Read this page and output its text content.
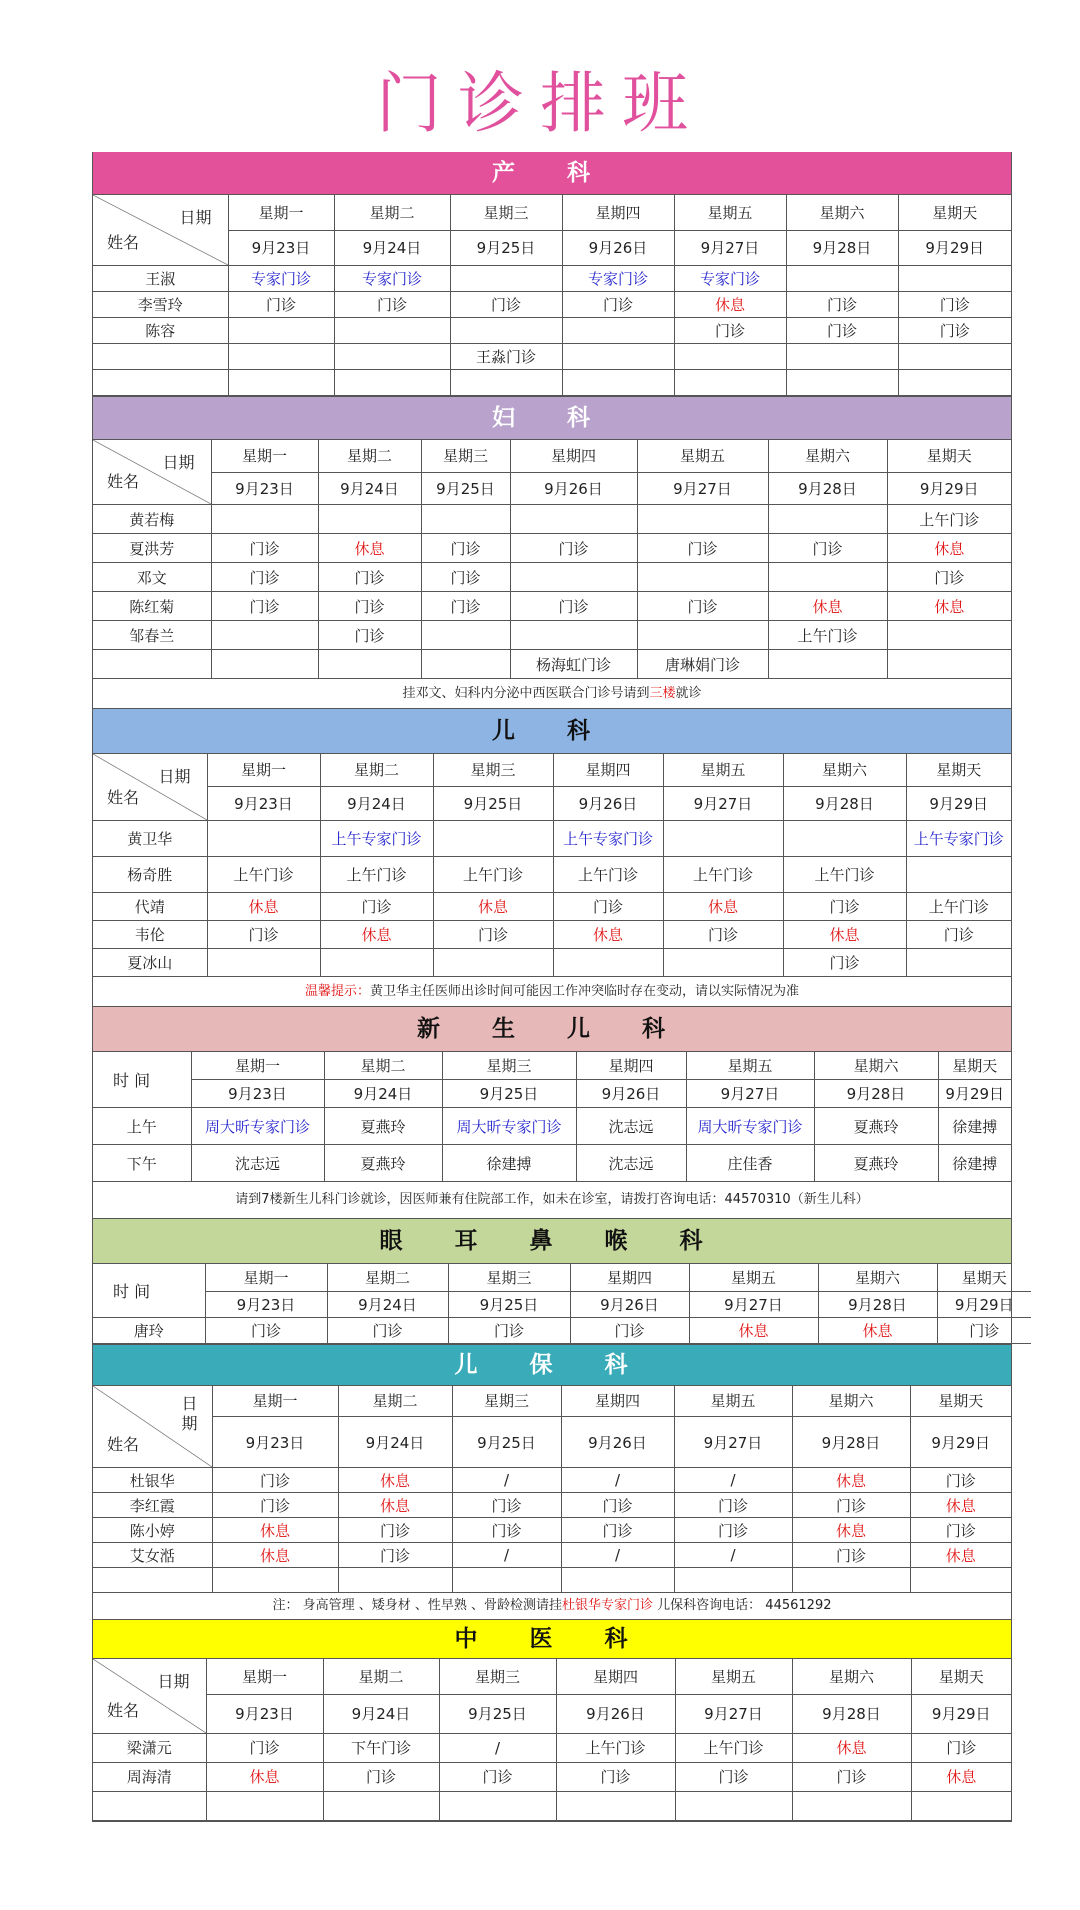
门诊排班
产 科
日期
姓名	星期一	星期二	星期三	星期四	星期五	星期六	星期天
	9月23日	9月24日	9月25日	9月26日	9月27日	9月28日	9月29日
王淑	专家门诊	专家门诊		专家门诊	专家门诊		
李雪玲	门诊	门诊	门诊	门诊	休息	门诊	门诊
陈容					门诊	门诊	门诊
			王淼门诊				

妇 科
日期
姓名	星期一	星期二	星期三	星期四	星期五	星期六	星期天
	9月23日	9月24日	9月25日	9月26日	9月27日	9月28日	9月29日
黄若梅							上午门诊
夏洪芳	门诊	休息	门诊	门诊	门诊	门诊	休息
邓文	门诊	门诊	门诊				门诊
陈红菊	门诊	门诊	门诊	门诊	门诊	休息	休息
邹春兰		门诊				上午门诊	
				杨海虹门诊	唐琳娟门诊		
挂邓文、妇科内分泌中西医联合门诊号请到三楼就诊
儿 科
日期
姓名	星期一	星期二	星期三	星期四	星期五	星期六	星期天
	9月23日	9月24日	9月25日	9月26日	9月27日	9月28日	9月29日
黄卫华		上午专家门诊		上午专家门诊			上午专家门诊
杨奇胜	上午门诊	上午门诊	上午门诊	上午门诊	上午门诊	上午门诊	
代靖	休息	门诊	休息	门诊	休息	门诊	上午门诊
韦伦	门诊	休息	门诊	休息	门诊	休息	门诊
夏冰山						门诊	
温馨提示：黄卫华主任医师出诊时间可能因工作冲突临时存在变动，请以实际情况为准
新 生 儿 科
时 间	星期一	星期二	星期三	星期四	星期五	星期六	星期天
	9月23日	9月24日	9月25日	9月26日	9月27日	9月28日	9月29日
上午	周大昕专家门诊	夏燕玲	周大昕专家门诊	沈志远	周大昕专家门诊	夏燕玲	徐建搏
下午	沈志远	夏燕玲	徐建搏	沈志远	庄佳香	夏燕玲	徐建搏
请到7楼新生儿科门诊就诊，因医师兼有住院部工作，如未在诊室，请拨打咨询电话：44570310（新生儿科）
眼 耳 鼻 喉 科
时 间	星期一	星期二	星期三	星期四	星期五	星期六	星期天
	9月23日	9月24日	9月25日	9月26日	9月27日	9月28日	9月29日
唐玲	门诊	门诊	门诊	门诊	休息	休息	门诊
儿 保 科
日
期
姓名	星期一	星期二	星期三	星期四	星期五	星期六	星期天
	9月23日	9月24日	9月25日	9月26日	9月27日	9月28日	9月29日
杜银华	门诊	休息	/	/	/	休息	门诊
李红霞	门诊	休息	门诊	门诊	门诊	门诊	休息
陈小婷	休息	门诊	门诊	门诊	门诊	休息	门诊
艾女湉	休息	门诊	/	/	/	门诊	休息

注： 身高管理 、矮身材 、性早熟 、骨龄检测请挂杜银华专家门诊 儿保科咨询电话： 44561292
中 医 科
日期
姓名	星期一	星期二	星期三	星期四	星期五	星期六	星期天
	9月23日	9月24日	9月25日	9月26日	9月27日	9月28日	9月29日
梁潇元	门诊	下午门诊	/	上午门诊	上午门诊	休息	门诊
周海清	休息	门诊	门诊	门诊	门诊	门诊	休息
